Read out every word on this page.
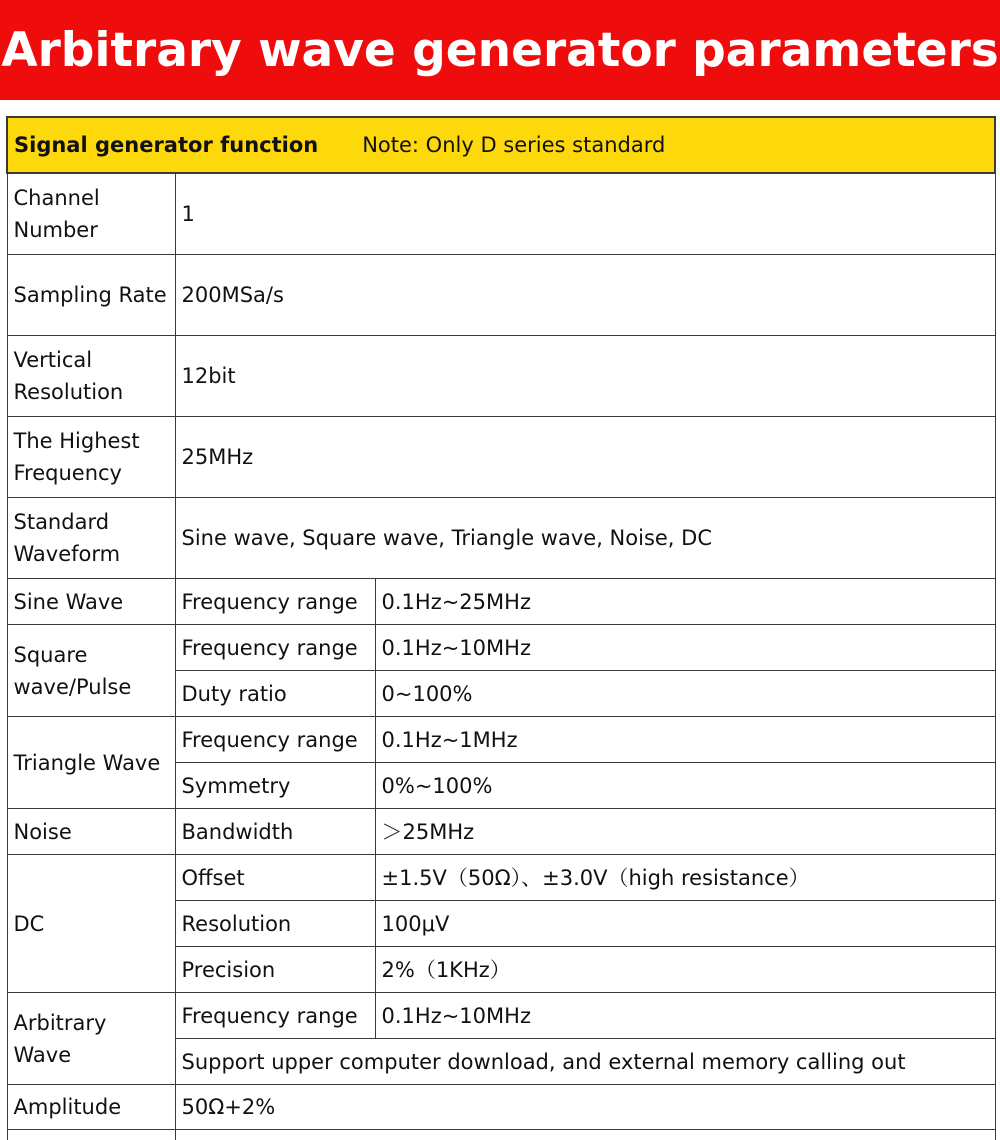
Arbitrary wave generator parameters
Signal generator function Note: Only D series standard		
Channel Number	1	
Sampling Rate	200MSa/s	
Vertical Resolution	12bit	
The Highest Frequency	25MHz	
Standard Waveform	Sine wave, Square wave, Triangle wave, Noise, DC	
Sine Wave	Frequency range	0.1Hz~25MHz
Square wave/Pulse	Frequency range	0.1Hz~10MHz
	Duty ratio	0~100%
Triangle Wave	Frequency range	0.1Hz~1MHz
	Symmetry	0%~100%
Noise	Bandwidth	＞25MHz
DC	Offset	±1.5V（50Ω）、±3.0V（high resistance）
	Resolution	100μV
	Precision	2%（1KHz）
Arbitrary Wave	Frequency range	0.1Hz~10MHz
	Support upper computer download, and external memory calling out	
Amplitude	50Ω+2%	
